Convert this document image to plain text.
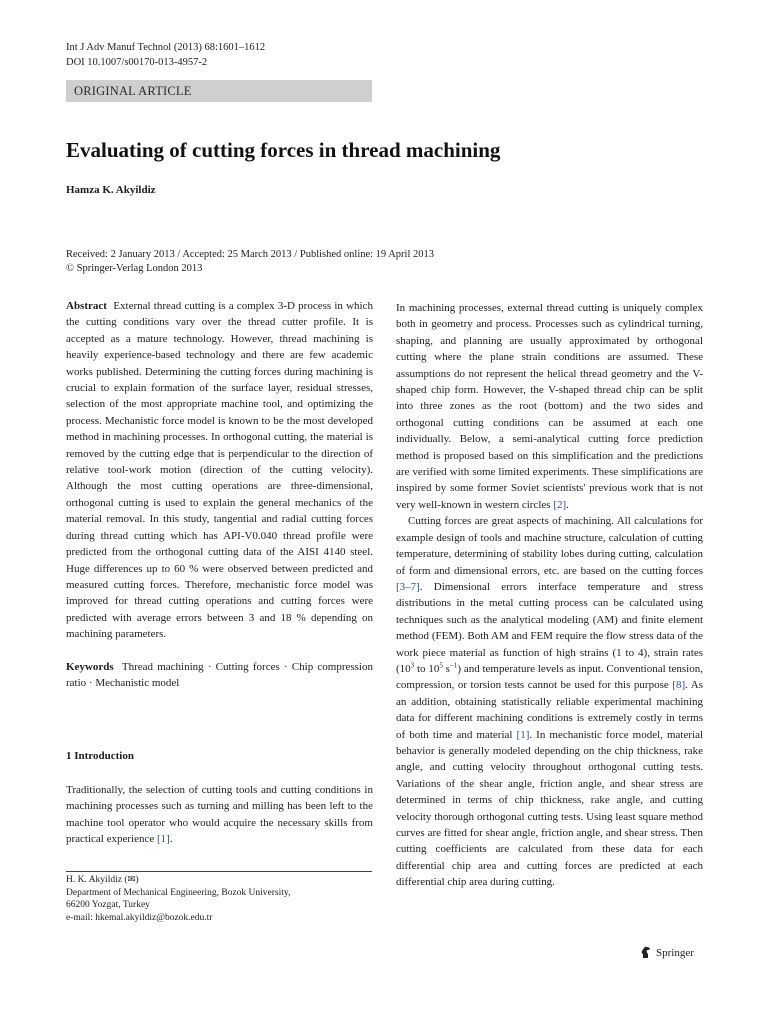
Int J Adv Manuf Technol (2013) 68:1601–1612
DOI 10.1007/s00170-013-4957-2
ORIGINAL ARTICLE
Evaluating of cutting forces in thread machining
Hamza K. Akyildiz
Received: 2 January 2013 / Accepted: 25 March 2013 / Published online: 19 April 2013
© Springer-Verlag London 2013

Abstract External thread cutting is a complex 3-D process in which the cutting conditions vary over the thread cutter profile. It is accepted as a mature technology. However, thread machining is heavily experience-based technology and there are few academic works published. Determining the cutting forces during machining is crucial to explain formation of the surface layer, residual stresses, selection of the most appropriate machine tool, and optimizing the process. Mechanistic force model is known to be the most developed method in machining processes. In orthogonal cutting, the material is removed by the cutting edge that is perpendicular to the direction of relative tool-work motion (direction of the cutting velocity). Although the most cutting operations are three-dimensional, orthogonal cutting is used to explain the general mechanics of the material removal. In this study, tangential and radial cutting forces during thread cutting which has API-V0.040 thread profile were predicted from the orthogonal cutting data of the AISI 4140 steel. Huge differences up to 60 % were observed between predicted and measured cutting forces. Therefore, mechanistic force model was improved for thread cutting operations and cutting forces were predicted with average errors between 3 and 18 % depending on machining parameters.

Keywords Thread machining · Cutting forces · Chip compression ratio · Mechanistic model

1 Introduction

Traditionally, the selection of cutting tools and cutting conditions in machining processes such as turning and milling has been left to the machine tool operator who would acquire the necessary skills from practical experience [1].

H. K. Akyildiz (✉)
Department of Mechanical Engineering, Bozok University,
66200 Yozgat, Turkey
e-mail: hkemal.akyildiz@bozok.edu.tr

In machining processes, external thread cutting is uniquely complex both in geometry and process. Processes such as cylindrical turning, shaping, and planning are usually approximated by orthogonal cutting where the plane strain conditions are assumed. These assumptions do not represent the helical thread geometry and the V-shaped chip form. However, the V-shaped thread chip can be split into three zones as the root (bottom) and the two sides and orthogonal cutting conditions can be assumed at each one individually. Below, a semi-analytical cutting force prediction method is proposed based on this simplification and the predictions are verified with some limited experiments. These simplifications are inspired by some former Soviet scientists' previous work that is not very well-known in western circles [2].

Cutting forces are great aspects of machining. All calculations for example design of tools and machine structure, calculation of cutting temperature, determining of stability lobes during cutting, calculation of form and dimensional errors, etc. are based on the cutting forces [3–7]. Dimensional errors interface temperature and stress distributions in the metal cutting process can be calculated using techniques such as the analytical modeling (AM) and finite element method (FEM). Both AM and FEM require the flow stress data of the work piece material as function of high strains (1 to 4), strain rates ($10^3$ to $10^5$ $s^{-1}$) and temperature levels as input. Conventional tension, compression, or torsion tests cannot be used for this purpose [8]. As an addition, obtaining statistically reliable experimental machining data for different machining conditions is extremely costly in terms of both time and material [1]. In mechanistic force model, material behavior is generally modeled depending on the chip thickness, rake angle, and cutting velocity throughout orthogonal cutting tests. Variations of the shear angle, friction angle, and shear stress are determined in terms of chip thickness, rake angle, and cutting velocity thorough orthogonal cutting tests. Using least square method curves are fitted for shear angle, friction angle, and shear stress. Then cutting coefficients are calculated from these data for each differential chip area and cutting forces are predicted at each differential chip area during cutting.

Springer
